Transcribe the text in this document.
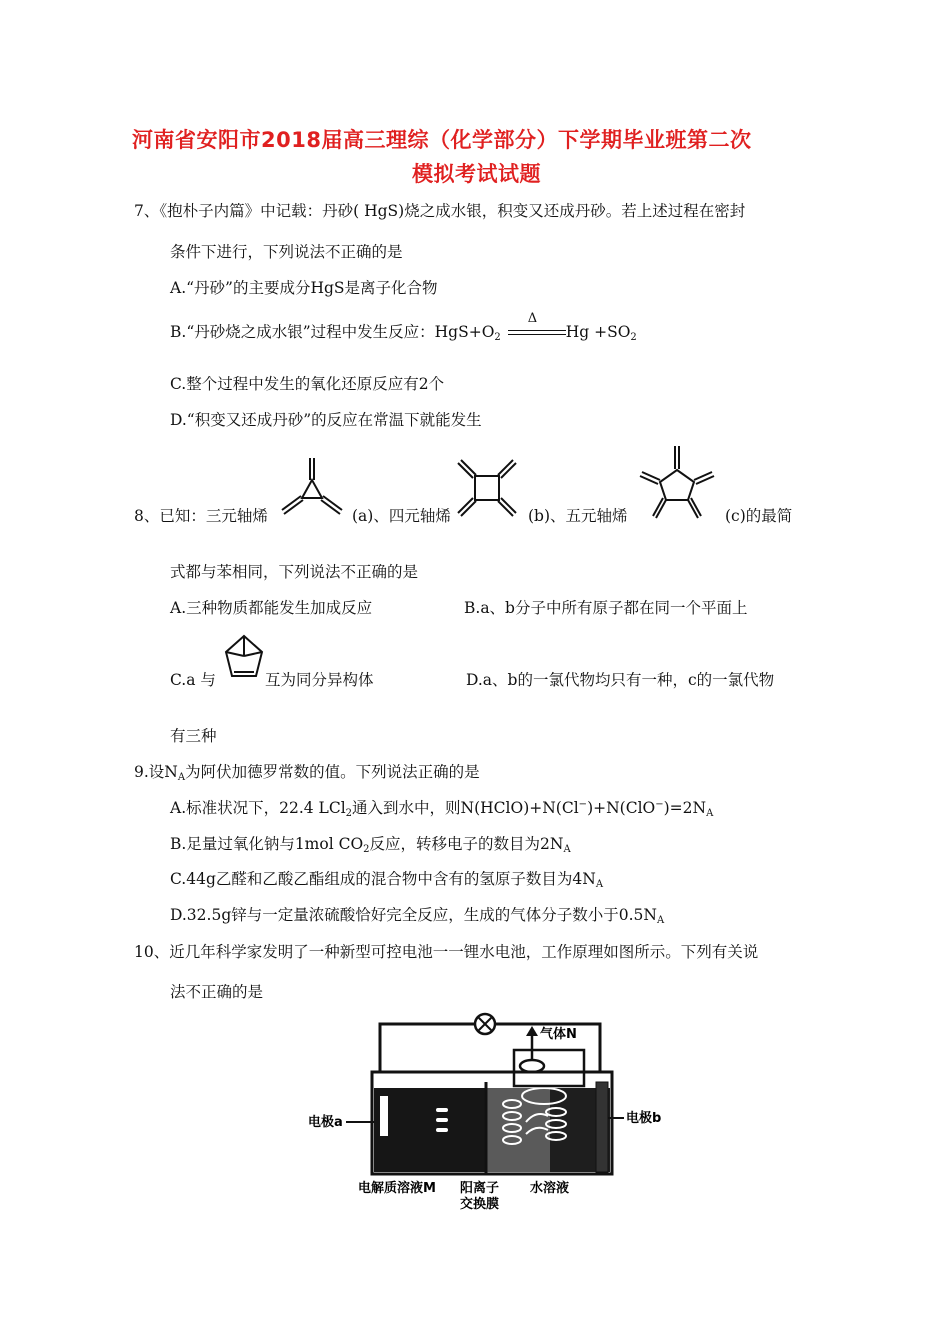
河南省安阳市2018届高三理综（化学部分）下学期毕业班第二次
模拟考试试题
7、《抱朴子内篇》中记载：丹砂( HgS)烧之成水银，积变又还成丹砂。若上述过程在密封
条件下进行，下列说法不正确的是
A.“丹砂”的主要成分HgS是离子化合物
B.“丹砂烧之成水银”过程中发生反应：$HgS+O_2$
Δ
$Hg +SO_2$
C.整个过程中发生的氧化还原反应有2个
D.“积变又还成丹砂”的反应在常温下就能发生
8、已知：三元轴烯	(a)、四元轴烯	(b)、五元轴烯	(c)的最简
式都与苯相同，下列说法不正确的是
A.三种物质都能发生加成反应	B.a、b分子中所有原子都在同一个平面上
C.a 与	互为同分异构体	D.a、b的一氯代物均只有一种，c的一氯代物
有三种
9.设$N_A$为阿伏加德罗常数的值。下列说法正确的是
A.标准状况下，22.4 LCl$_2$通入到水中，则$N(HClO)+N(Cl^-)+N(ClO^-)=2N_A$
B.足量过氧化钠与1mol $CO_2$反应，转移电子的数目为$2N_A$
C.44g乙醛和乙酸乙酯组成的混合物中含有的氢原子数目为$4N_A$
D.32.5g锌与一定量浓硫酸恰好完全反应，生成的气体分子数小于$0.5N_A$
10、近几年科学家发明了一种新型可控电池一一锂水电池，工作原理如图所示。下列有关说
法不正确的是
气体N
电极a	电极b
电解质溶液M 阳离子
交换膜
水溶液
